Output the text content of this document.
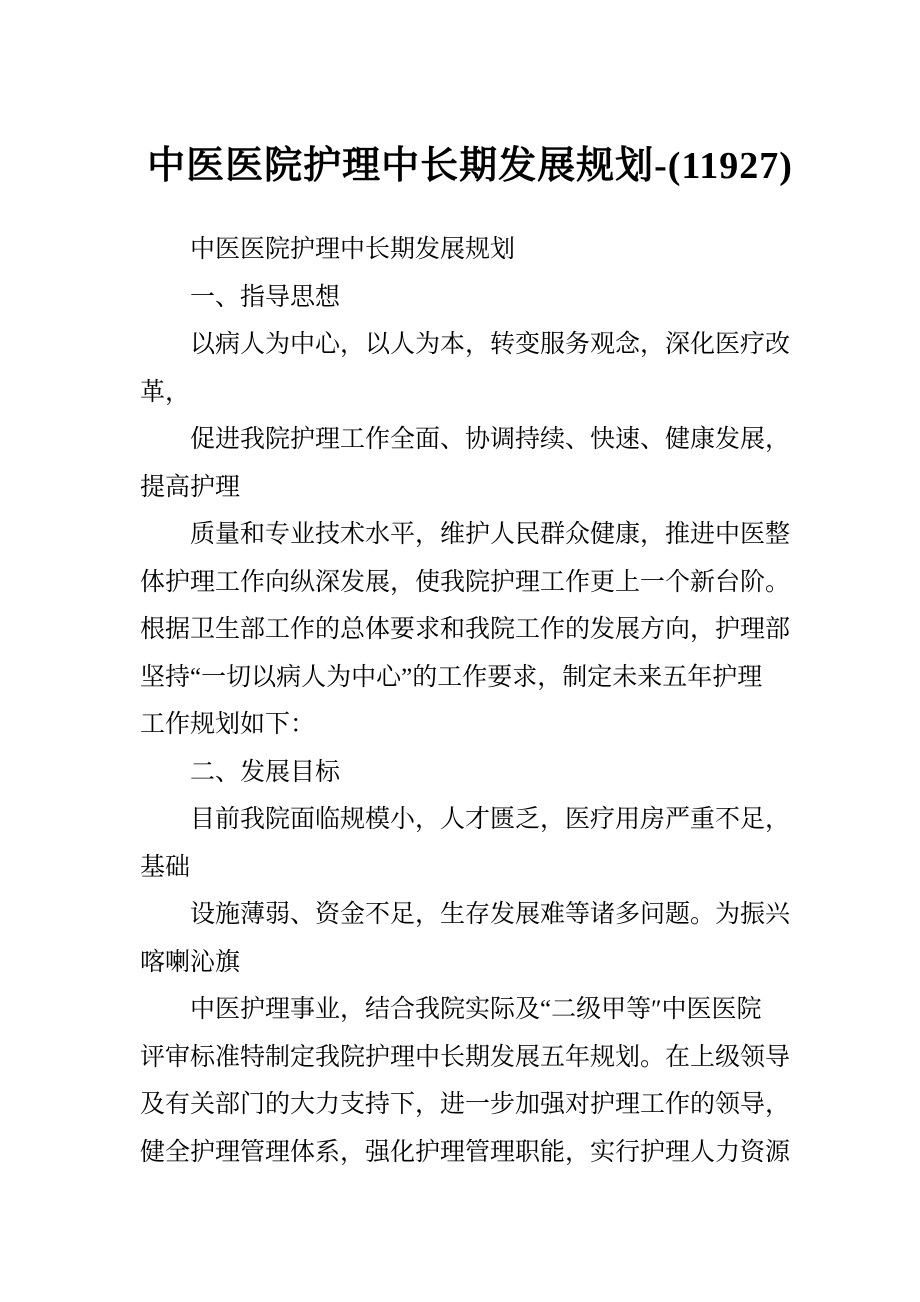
中医医院护理中长期发展规划-(11927)
中医医院护理中长期发展规划
一、指导思想
以病人为中心，以人为本，转变服务观念，深化医疗改
革，
促进我院护理工作全面、协调持续、快速、健康发展，
提高护理
质量和专业技术水平，维护人民群众健康，推进中医整
体护理工作向纵深发展，使我院护理工作更上一个新台阶。
根据卫生部工作的总体要求和我院工作的发展方向，护理部
坚持“一切以病人为中心”的工作要求，制定未来五年护理
工作规划如下：
二、发展目标
目前我院面临规模小，人才匮乏，医疗用房严重不足，
基础
设施薄弱、资金不足，生存发展难等诸多问题。为振兴
喀喇沁旗
中医护理事业，结合我院实际及“二级甲等″中医医院
评审标准特制定我院护理中长期发展五年规划。在上级领导
及有关部门的大力支持下，进一步加强对护理工作的领导，
健全护理管理体系，强化护理管理职能，实行护理人力资源
